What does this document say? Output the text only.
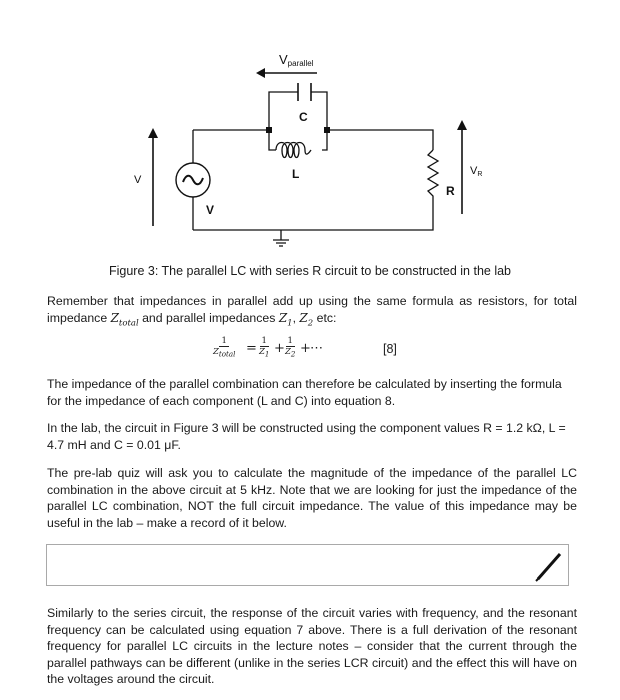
Vparallel
C
L
R
V
V
VR
Figure 3: The parallel LC with series R circuit to be constructed in the lab
Remember that impedances in parallel add up using the same formula as resistors, for total impedance $Z_{total}$ and parallel impedances $Z_1$, $Z_2$ etc:
1
$Z_{total} = \frac{1}{Z_1}$ +
$\frac{1}{Z_2}$ + ⋯	[8]
The impedance of the parallel combination can therefore be calculated by inserting the formula for the impedance of each component (L and C) into equation 8.
In the lab, the circuit in Figure 3 will be constructed using the component values R = 1.2 kΩ, L = 4.7 mH and C = 0.01 μF.
The pre-lab quiz will ask you to calculate the magnitude of the impedance of the parallel LC combination in the above circuit at 5 kHz. Note that we are looking for just the impedance of the parallel LC combination, NOT the full circuit impedance. The value of this impedance may be useful in the lab – make a record of it below.
Similarly to the series circuit, the response of the circuit varies with frequency, and the resonant frequency can be calculated using equation 7 above. There is a full derivation of the resonant frequency for parallel LC circuits in the lecture notes – consider that the current through the parallel pathways can be different (unlike in the series LCR circuit) and the effect this will have on the voltages around the circuit.
